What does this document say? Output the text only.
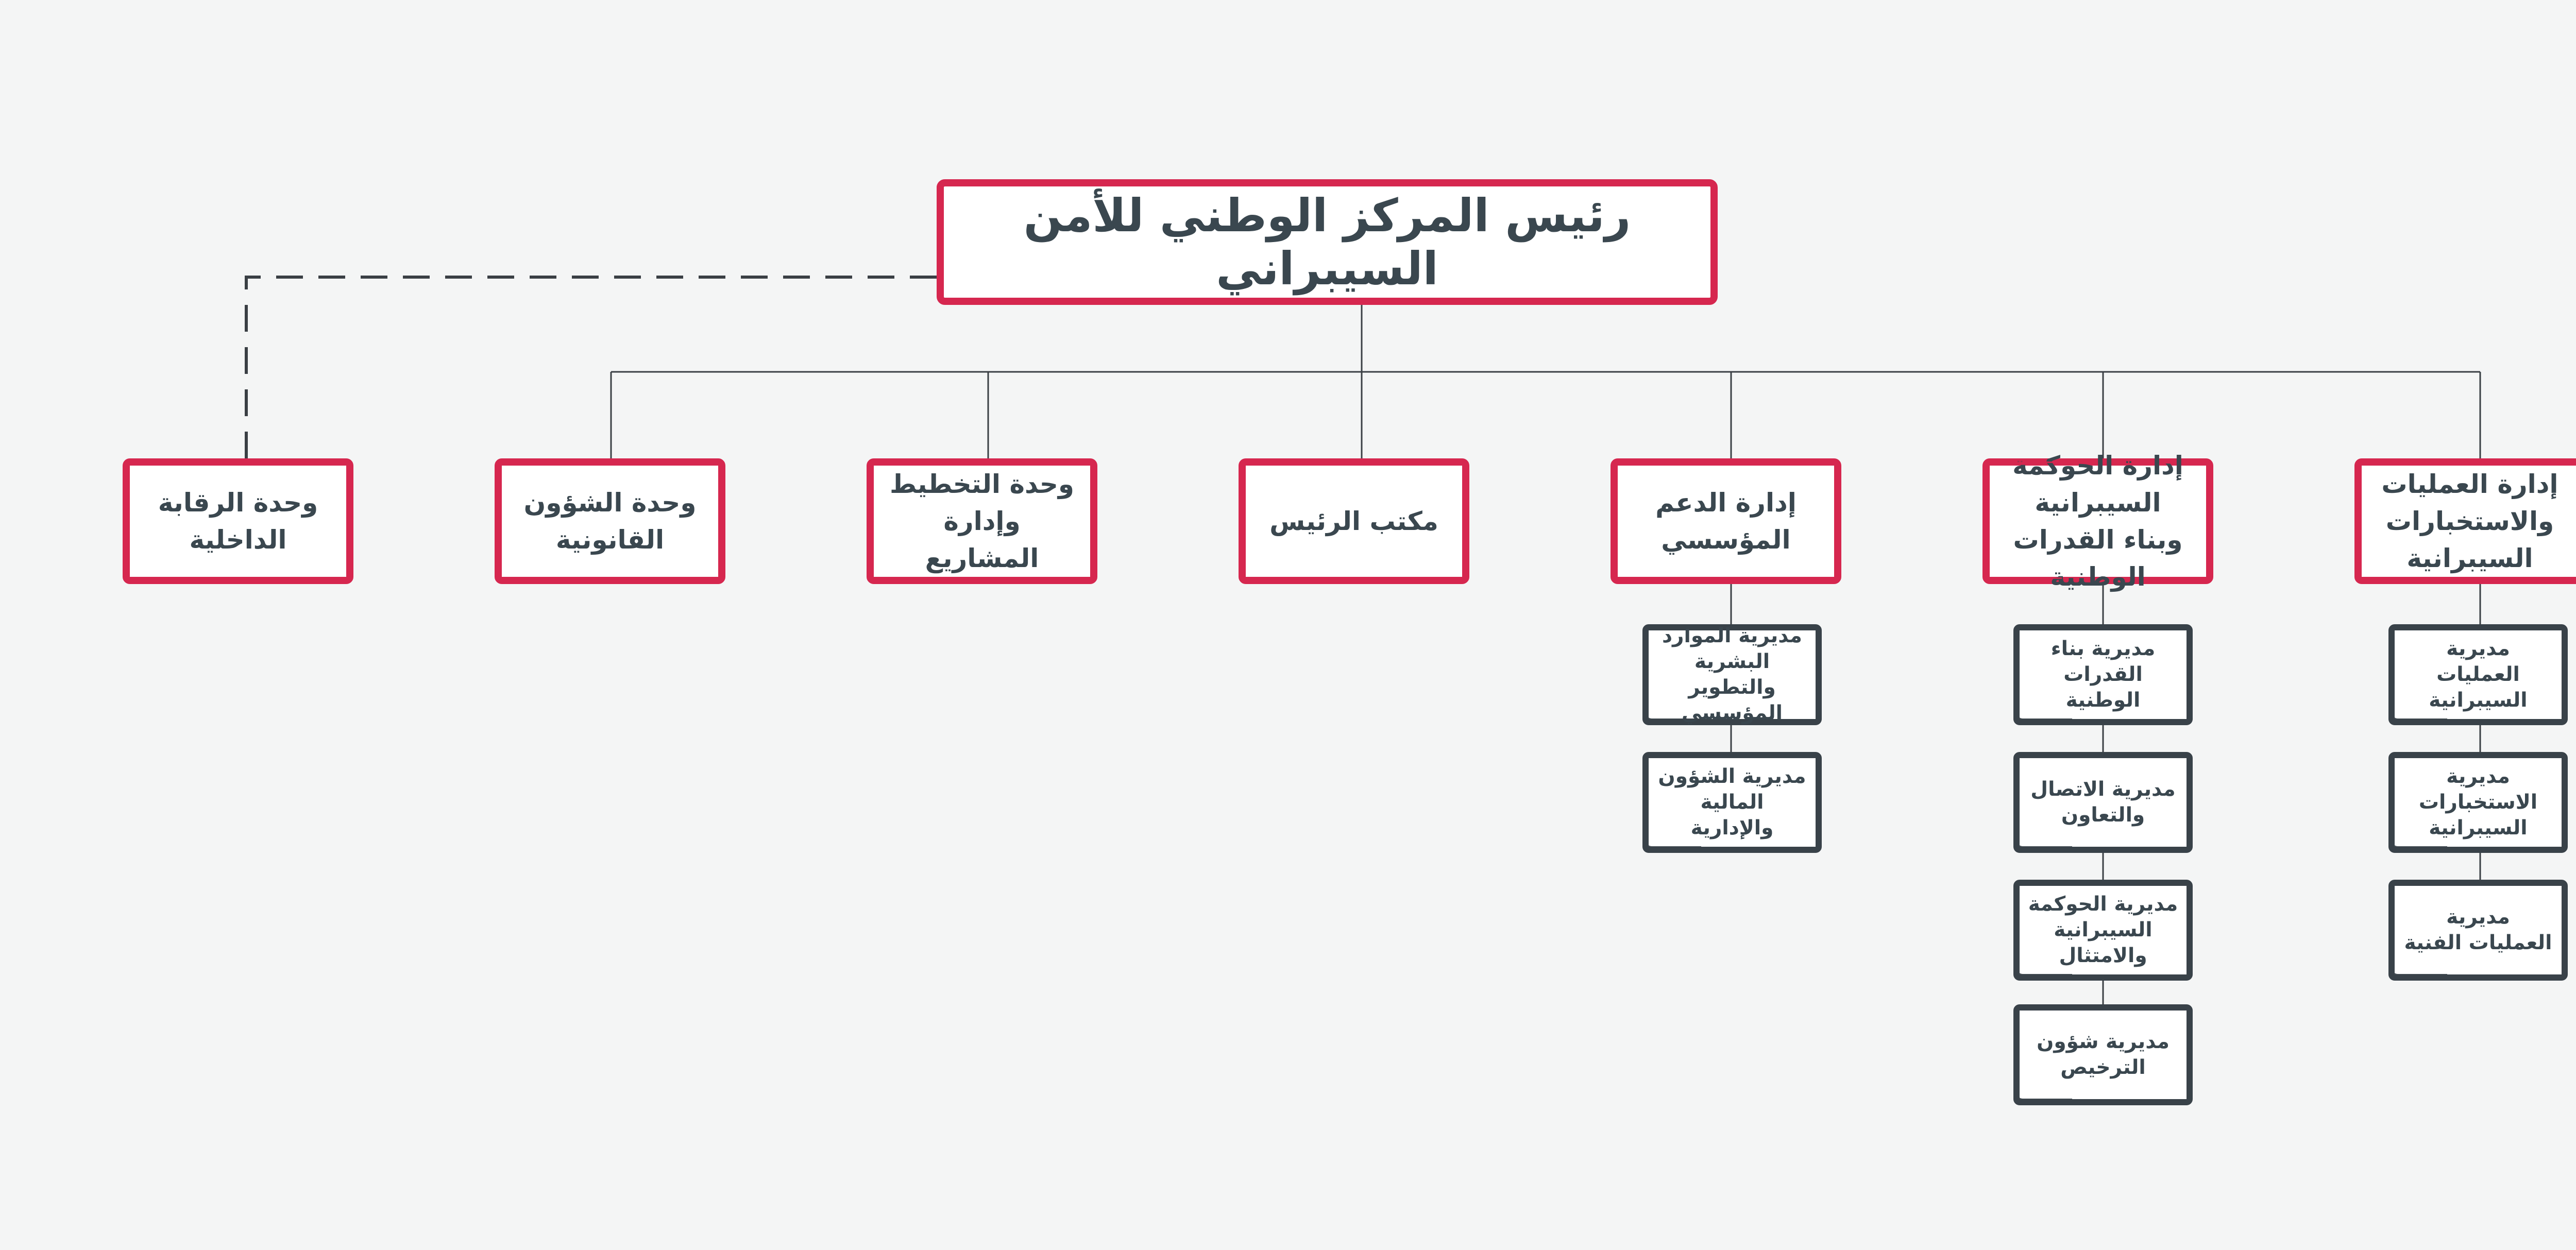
رئيس المركز الوطني للأمن السيبراني
إدارة العمليات والاستخبارات السيبرانية
إدارة الحوكمة السيبرانية وبناء القدرات الوطنية
إدارة الدعم المؤسسي
مكتب الرئيس
وحدة التخطيط وإدارة المشاريع
وحدة الشؤون القانونية
وحدة الرقابة الداخلية
مديرية العمليات السيبرانية
مديرية الاستخبارات السيبرانية
مديرية العمليات الفنية
مديرية بناء القدرات الوطنية
مديرية الاتصال والتعاون
مديرية الحوكمة السيبرانية والامتثال
مديرية شؤون الترخيص
مديرية الموارد البشرية والتطوير المؤسسي
مديرية الشؤون المالية والإدارية
